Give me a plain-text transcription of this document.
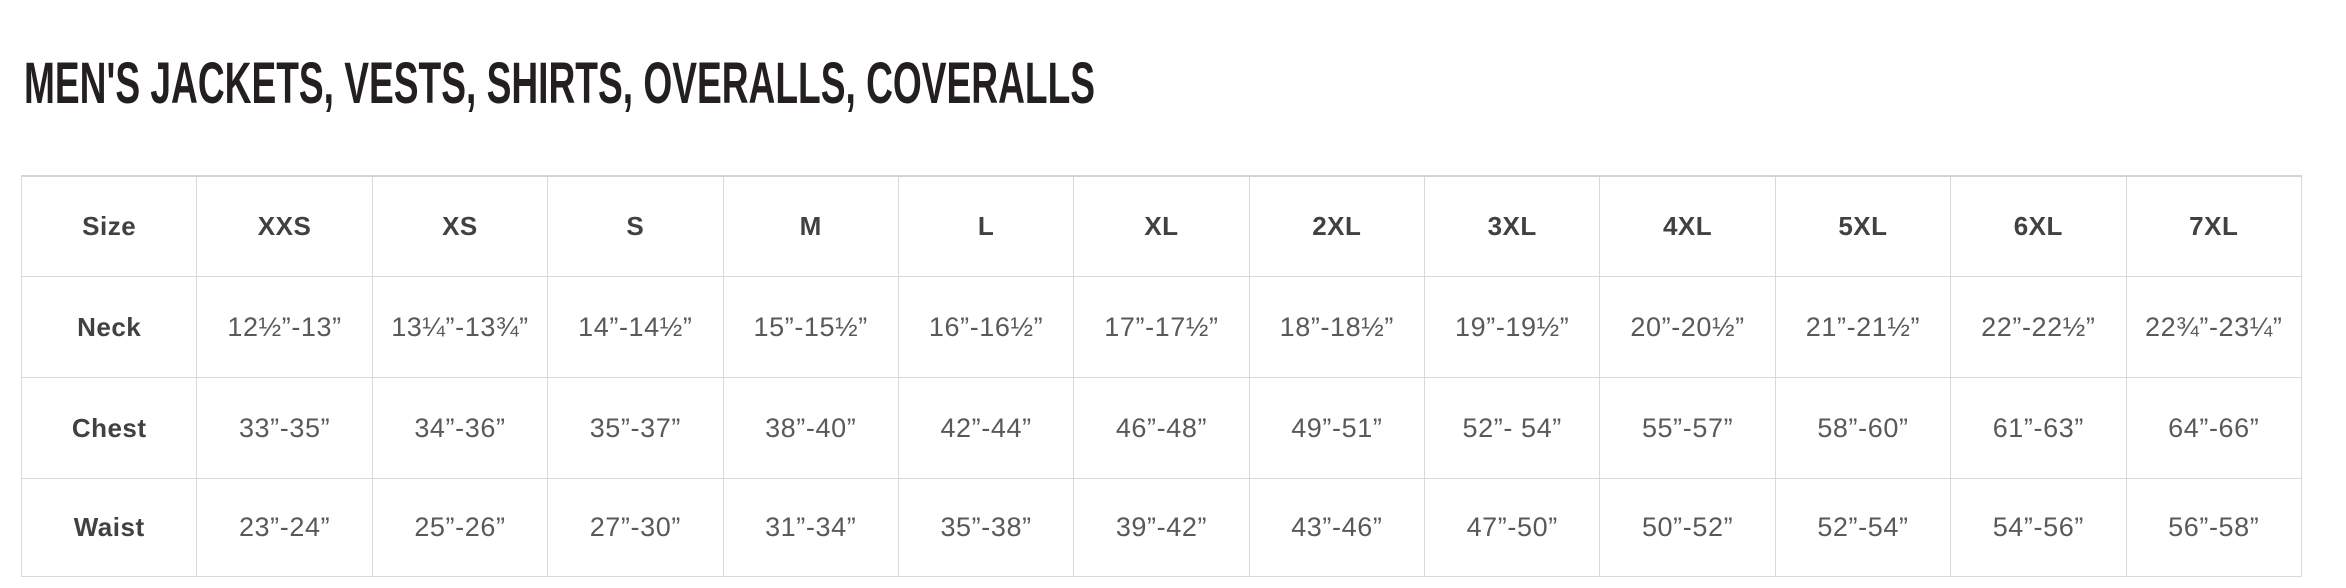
MEN'S JACKETS, VESTS, SHIRTS, OVERALLS, COVERALLS
Size	XXS	XS	S	M	L	XL	2XL	3XL	4XL	5XL	6XL	7XL
Neck	12½”-13”	13¼”-13¾”	14”-14½”	15”-15½”	16”-16½”	17”-17½”	18”-18½”	19”-19½”	20”-20½”	21”-21½”	22”-22½”	22¾”-23¼”
Chest	33”-35”	34”-36”	35”-37”	38”-40”	42”-44”	46”-48”	49”-51”	52”- 54”	55”-57”	58”-60”	61”-63”	64”-66”
Waist	23”-24”	25”-26”	27”-30”	31”-34”	35”-38”	39”-42”	43”-46”	47”-50”	50”-52”	52”-54”	54”-56”	56”-58”
